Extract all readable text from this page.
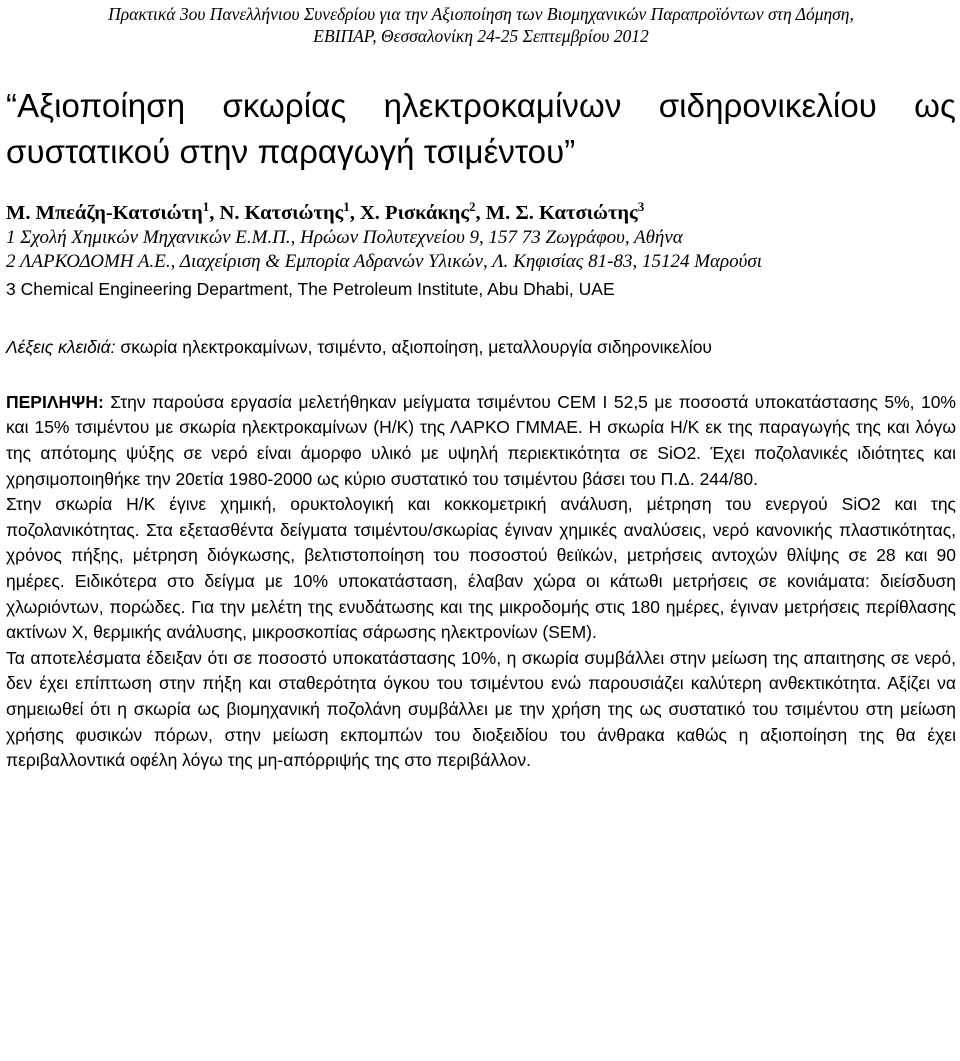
Πρακτικά 3ου Πανελλήνιου Συνεδρίου για την Αξιοποίηση των Βιομηχανικών Παραπροϊόντων στη Δόμηση,
ΕΒΙΠΑΡ, Θεσσαλονίκη 24-25 Σεπτεμβρίου 2012
“Αξιοποίηση σκωρίας ηλεκτροκαμίνων σιδηρονικελίου ως συστατικού στην παραγωγή τσιμέντου”
Μ. Μπεάζη-Κατσιώτη$^1$, Ν. Κατσιώτης$^1$, Χ. Ρισκάκης$^2$, Μ. Σ. Κατσιώτης$^3$
1 Σχολή Χημικών Μηχανικών Ε.Μ.Π., Ηρώων Πολυτεχνείου 9, 157 73 Ζωγράφου, Αθήνα
2 ΛΑΡΚΟΔΟΜΗ Α.Ε., Διαχείριση & Εμπορία Αδρανών Υλικών, Λ. Κηφισίας 81-83, 15124 Μαρούσι
3 Chemical Engineering Department, The Petroleum Institute, Abu Dhabi, UAE
Λέξεις κλειδιά: σκωρία ηλεκτροκαμίνων, τσιμέντο, αξιοποίηση, μεταλλουργία σιδηρονικελίου

ΠΕΡΙΛΗΨΗ: Στην παρούσα εργασία μελετήθηκαν μείγματα τσιμέντου CEM I 52,5 με ποσοστά υποκατάστασης 5%, 10% και 15% τσιμέντου με σκωρία ηλεκτροκαμίνων (Η/Κ) της ΛΑΡΚΟ ΓΜΜΑΕ. Η σκωρία Η/Κ εκ της παραγωγής της και λόγω της απότομης ψύξης σε νερό είναι άμορφο υλικό με υψηλή περιεκτικότητα σε SiO2. Έχει ποζολανικές ιδιότητες και χρησιμοποιηθήκε την 20ετία 1980-2000 ως κύριο συστατικό του τσιμέντου βάσει του Π.Δ. 244/80.

Στην σκωρία Η/Κ έγινε χημική, ορυκτολογική και κοκκομετρική ανάλυση, μέτρηση του ενεργού SiO2 και της ποζολανικότητας. Στα εξετασθέντα δείγματα τσιμέντου/σκωρίας έγιναν χημικές αναλύσεις, νερό κανονικής πλαστικότητας, χρόνος πήξης, μέτρηση διόγκωσης, βελτιστοποίηση του ποσοστού θειϊκών, μετρήσεις αντοχών θλίψης σε 28 και 90 ημέρες. Ειδικότερα στο δείγμα με 10% υποκατάσταση, έλαβαν χώρα οι κάτωθι μετρήσεις σε κονιάματα: διείσδυση χλωριόντων, πορώδες. Για την μελέτη της ενυδάτωσης και της μικροδομής στις 180 ημέρες, έγιναν μετρήσεις περίθλασης ακτίνων Χ, θερμικής ανάλυσης, μικροσκοπίας σάρωσης ηλεκτρονίων (SEM).

Τα αποτελέσματα έδειξαν ότι σε ποσοστό υποκατάστασης 10%, η σκωρία συμβάλλει στην μείωση της απαιτησης σε νερό, δεν έχει επίπτωση στην πήξη και σταθερότητα όγκου του τσιμέντου ενώ παρουσιάζει καλύτερη ανθεκτικότητα. Αξίζει να σημειωθεί ότι η σκωρία ως βιομηχανική ποζολάνη συμβάλλει με την χρήση της ως συστατικό του τσιμέντου στη μείωση χρήσης φυσικών πόρων, στην μείωση εκπομπών του διοξειδίου του άνθρακα καθώς η αξιοποίηση της θα έχει περιβαλλοντικά οφέλη λόγω της μη-απόρριψής της στο περιβάλλον.
